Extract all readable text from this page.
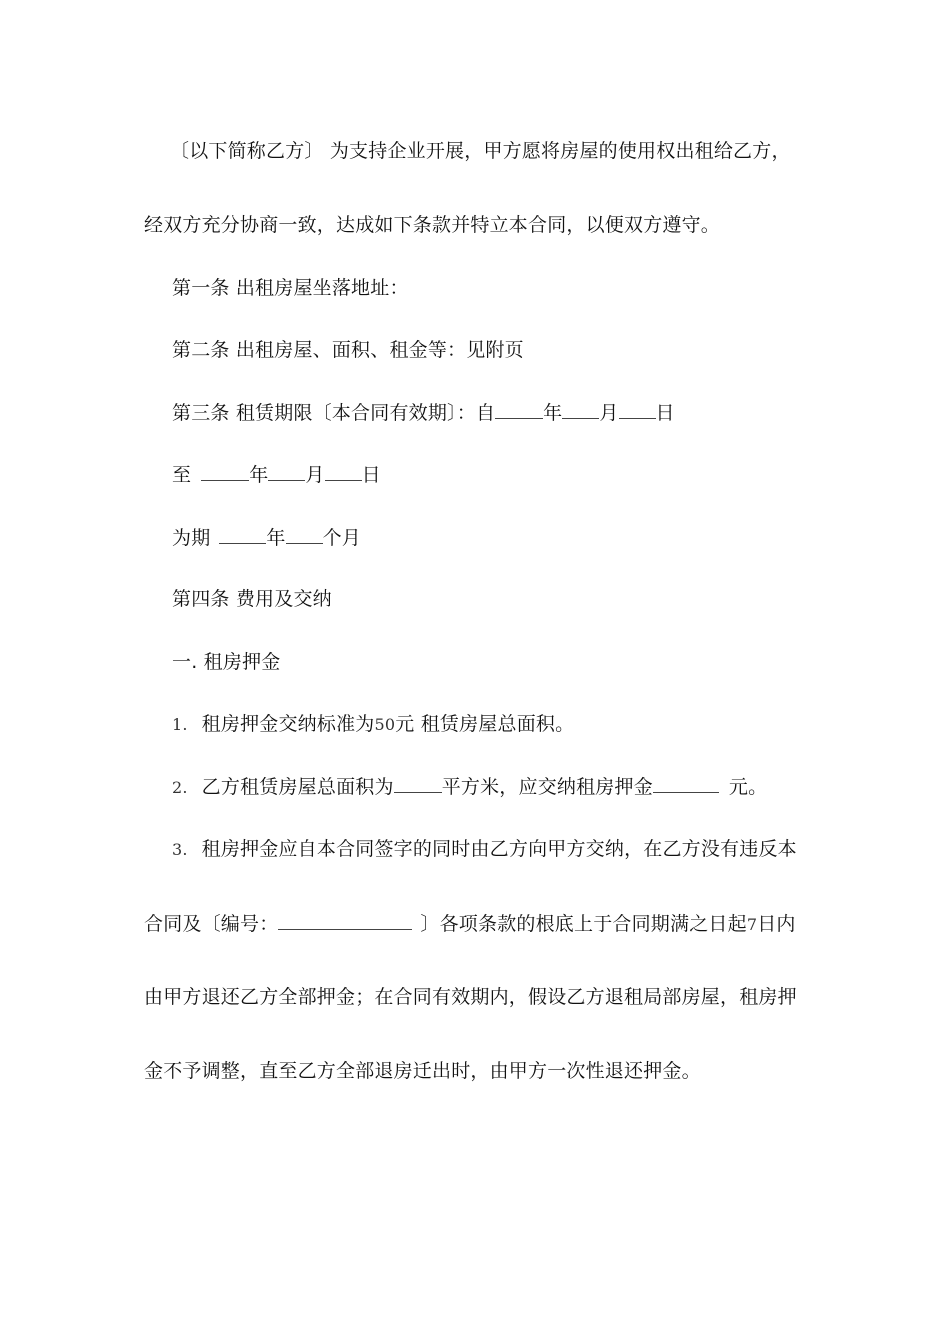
〔以下简称乙方〕 为支持企业开展，甲方愿将房屋的使用权出租给乙方，
经双方充分协商一致，达成如下条款并特立本合同，以便双方遵守。
第一条 出租房屋坐落地址：
第二条 出租房屋、面积、租金等：见附页
第三条 租赁期限〔本合同有效期〕：自	年 月 日
至	年 月 日
为期	年 个月
第四条 费用及交纳
一. 租房押金
1. 租房押金交纳标准为50元 租赁房屋总面积。
2. 乙方租赁房屋总面积为	平方米，应交纳租房押金	元。
3. 租房押金应自本合同签字的同时由乙方向甲方交纳，在乙方没有违反本
合同及〔编号：	〕各项条款的根底上于合同期满之日起7日内
由甲方退还乙方全部押金；在合同有效期内，假设乙方退租局部房屋，租房押
金不予调整，直至乙方全部退房迁出时，由甲方一次性退还押金。
